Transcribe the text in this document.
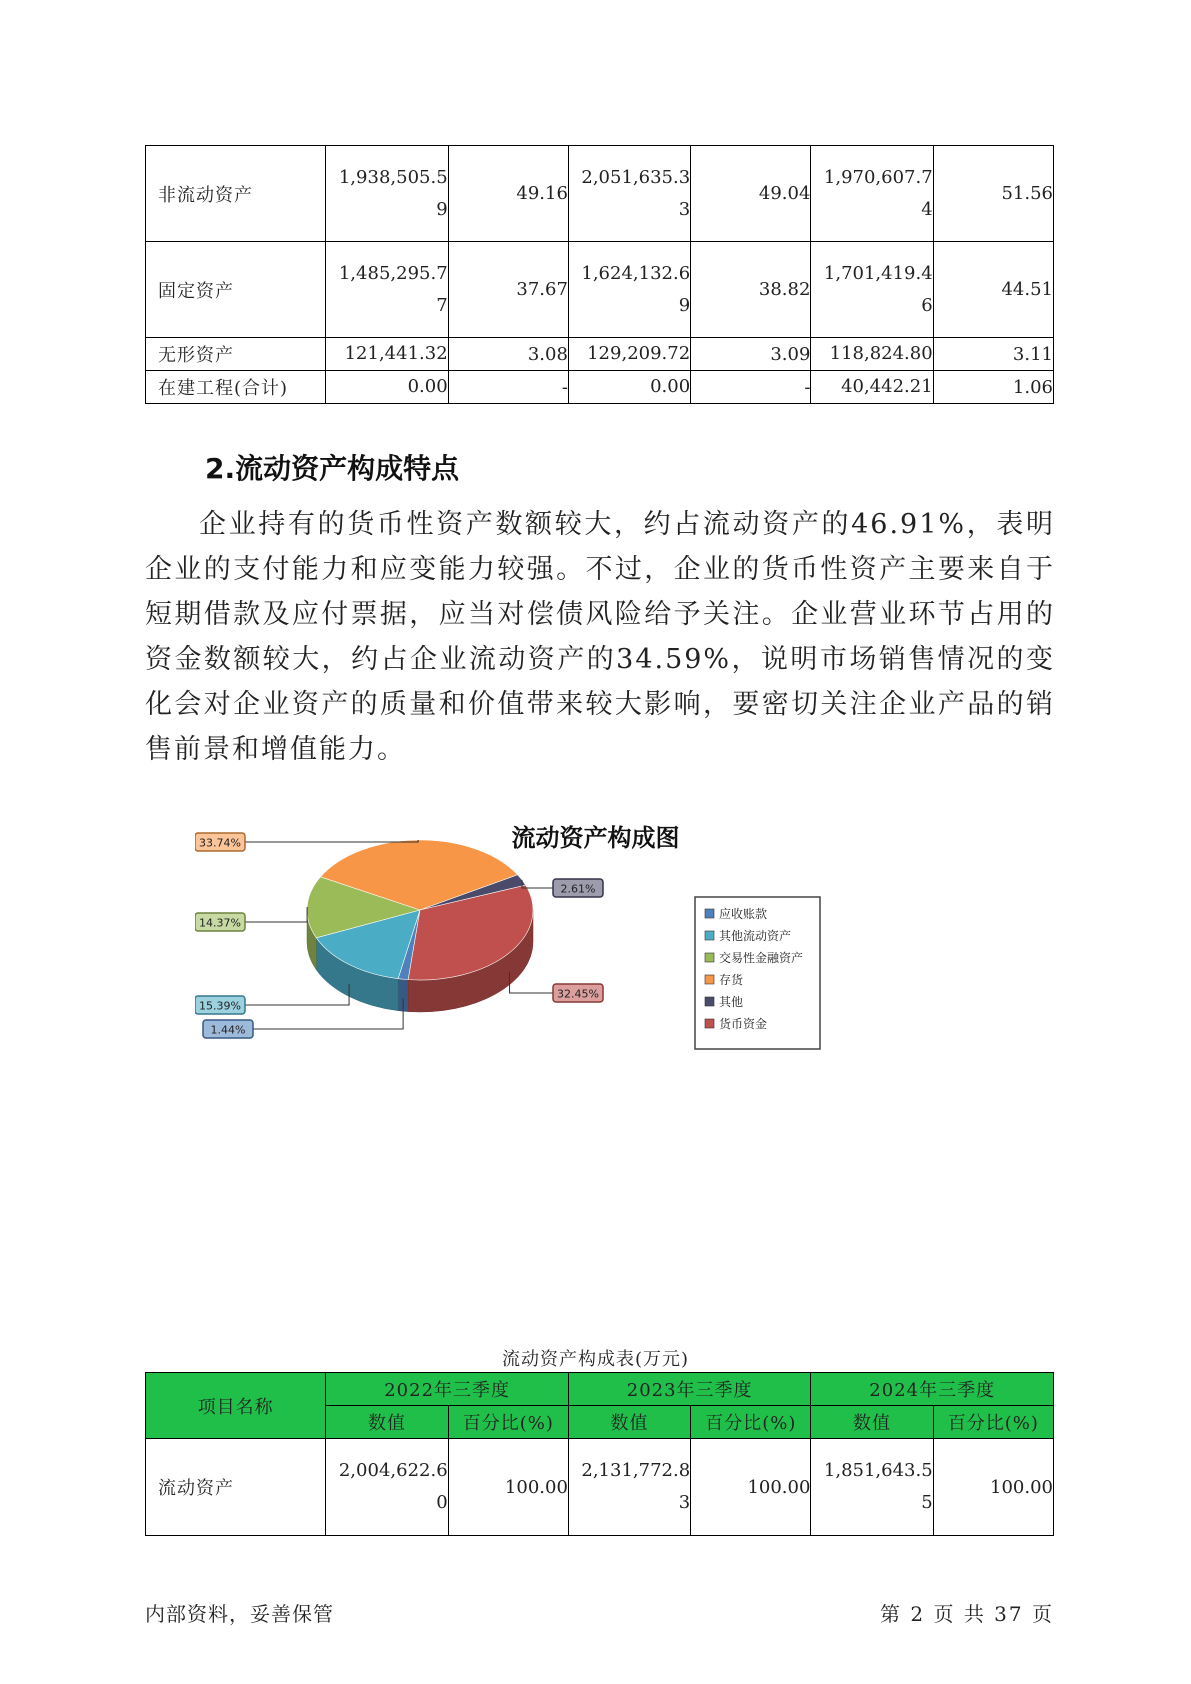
非流动资产	1,938,505.59	49.16	2,051,635.33	49.04	1,970,607.74	51.56
固定资产	1,485,295.77	37.67	1,624,132.69	38.82	1,701,419.46	44.51
无形资产	121,441.32	3.08	129,209.72	3.09	118,824.80	3.11
在建工程(合计)	0.00	-	0.00	-	40,442.21	1.06
2.流动资产构成特点
企业持有的货币性资产数额较大，约占流动资产的46.91%，表明企业的支付能力和应变能力较强。不过，企业的货币性资产主要来自于短期借款及应付票据，应当对偿债风险给予关注。企业营业环节占用的资金数额较大，约占企业流动资产的34.59%，说明市场销售情况的变化会对企业资产的质量和价值带来较大影响，要密切关注企业产品的销售前景和增值能力。
流动资产构成图
1.44%
15.39%
14.37%
33.74%
2.61%
32.45%
应收账款
其他流动资产
交易性金融资产
存货
其他
货币资金
流动资产构成表(万元)
项目名称	2022年三季度		2023年三季度		2024年三季度	
	数值	百分比(%)	数值	百分比(%)	数值	百分比(%)
流动资产	2,004,622.60	100.00	2,131,772.83	100.00	1,851,643.55	100.00
内部资料，妥善保管	第 2 页 共 37 页
